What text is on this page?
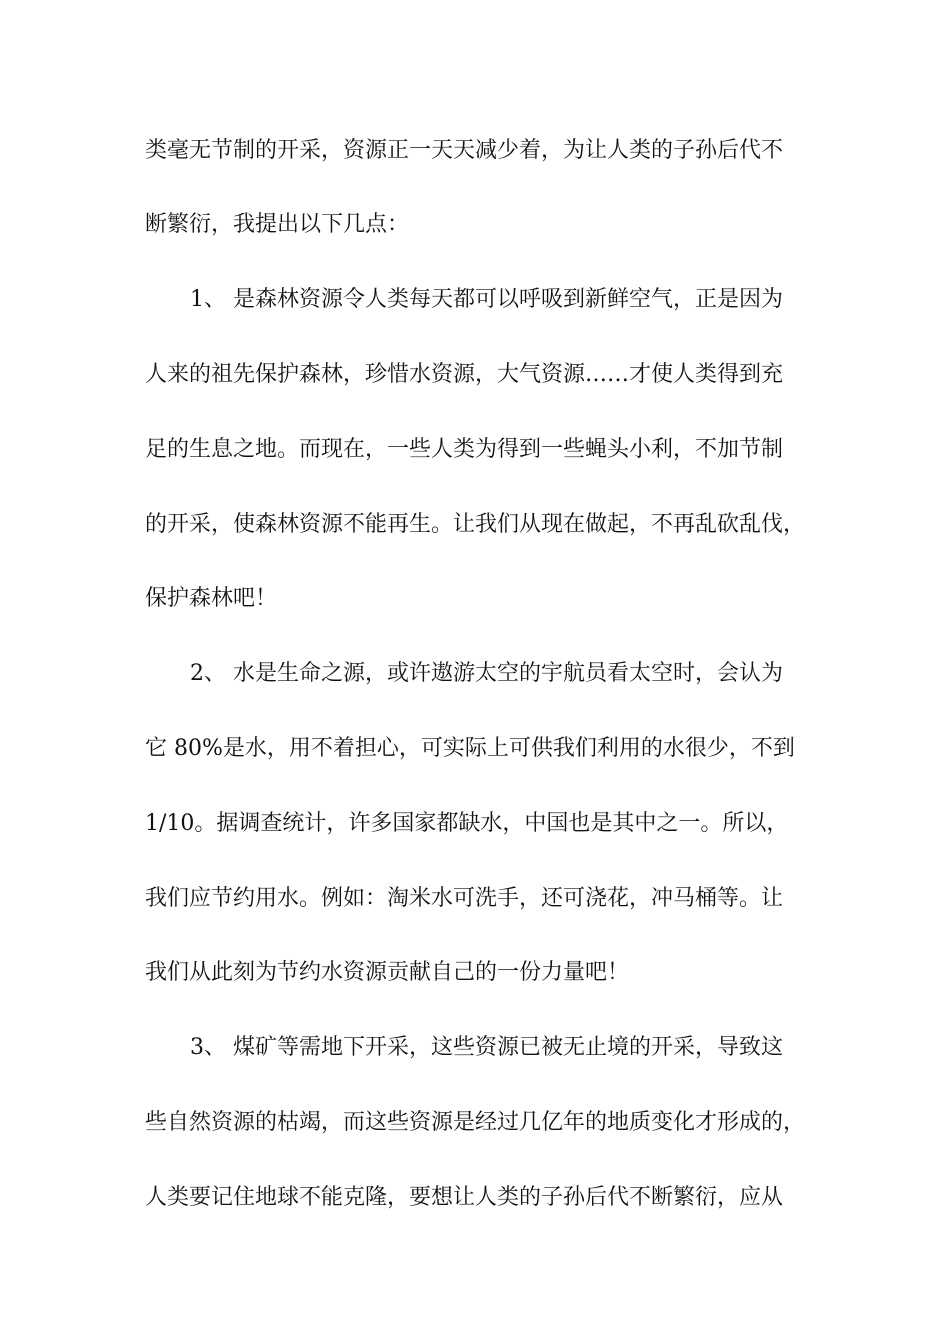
类毫无节制的开采，资源正一天天减少着，为让人类的子孙后代不
断繁衍，我提出以下几点：
1、 是森林资源令人类每天都可以呼吸到新鲜空气，正是因为
人来的祖先保护森林，珍惜水资源，大气资源……才使人类得到充
足的生息之地。而现在，一些人类为得到一些蝇头小利，不加节制
的开采，使森林资源不能再生。让我们从现在做起，不再乱砍乱伐，
保护森林吧！
2、 水是生命之源，或许遨游太空的宇航员看太空时，会认为
它 80%是水，用不着担心，可实际上可供我们利用的水很少，不到
1/10。据调查统计，许多国家都缺水，中国也是其中之一。所以，
我们应节约用水。例如：淘米水可洗手，还可浇花，冲马桶等。让
我们从此刻为节约水资源贡献自己的一份力量吧！
3、 煤矿等需地下开采，这些资源已被无止境的开采，导致这
些自然资源的枯竭，而这些资源是经过几亿年的地质变化才形成的，
人类要记住地球不能克隆，要想让人类的子孙后代不断繁衍，应从
